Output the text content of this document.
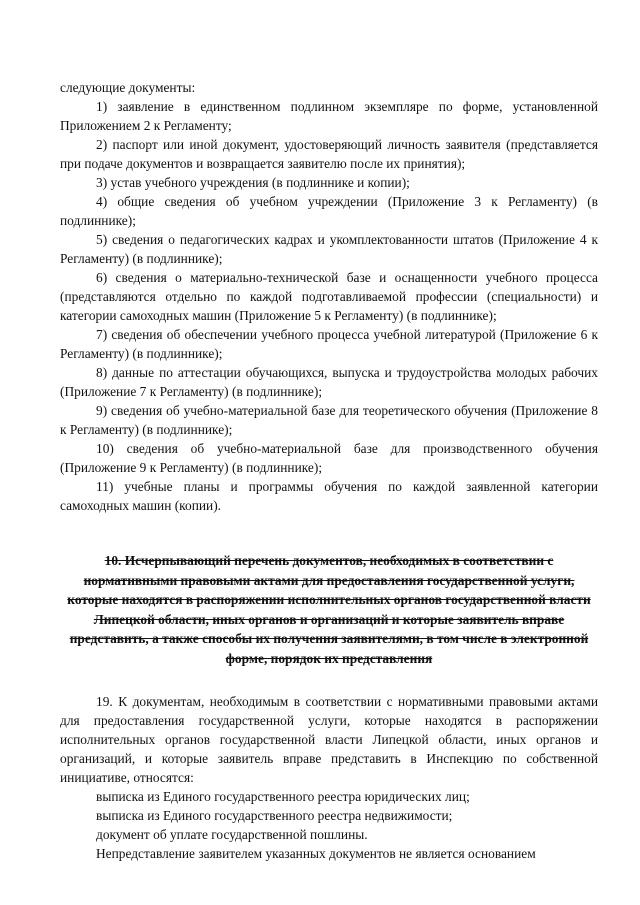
следующие документы:

1) заявление в единственном подлинном экземпляре по форме, установленной Приложением 2 к Регламенту;

2) паспорт или иной документ, удостоверяющий личность заявителя (представляется при подаче документов и возвращается заявителю после их принятия);

3) устав учебного учреждения (в подлиннике и копии);

4) общие сведения об учебном учреждении (Приложение 3 к Регламенту) (в подлиннике);

5) сведения о педагогических кадрах и укомплектованности штатов (Приложение 4 к Регламенту) (в подлиннике);

6) сведения о материально-технической базе и оснащенности учебного процесса (представляются отдельно по каждой подготавливаемой профессии (специальности) и категории самоходных машин (Приложение 5 к Регламенту) (в подлиннике);

7) сведения об обеспечении учебного процесса учебной литературой (Приложение 6 к Регламенту) (в подлиннике);

8) данные по аттестации обучающихся, выпуска и трудоустройства молодых рабочих (Приложение 7 к Регламенту) (в подлиннике);

9) сведения об учебно-материальной базе для теоретического обучения (Приложение 8 к Регламенту) (в подлиннике);

10) сведения об учебно-материальной базе для производственного обучения (Приложение 9 к Регламенту) (в подлиннике);

11) учебные планы и программы обучения по каждой заявленной категории самоходных машин (копии).

10. Исчерпывающий перечень документов, необходимых в соответствии с нормативными правовыми актами для предоставления государственной услуги, которые находятся в распоряжении исполнительных органов государственной власти Липецкой области, иных органов и организаций и которые заявитель вправе представить, а также способы их получения заявителями, в том числе в электронной форме, порядок их представления

19. К документам, необходимым в соответствии с нормативными правовыми актами для предоставления государственной услуги, которые находятся в распоряжении исполнительных органов государственной власти Липецкой области, иных органов и организаций, и которые заявитель вправе представить в Инспекцию по собственной инициативе, относятся:

выписка из Единого государственного реестра юридических лиц;

выписка из Единого государственного реестра недвижимости;

документ об уплате государственной пошлины.

Непредставление заявителем указанных документов не является основанием
